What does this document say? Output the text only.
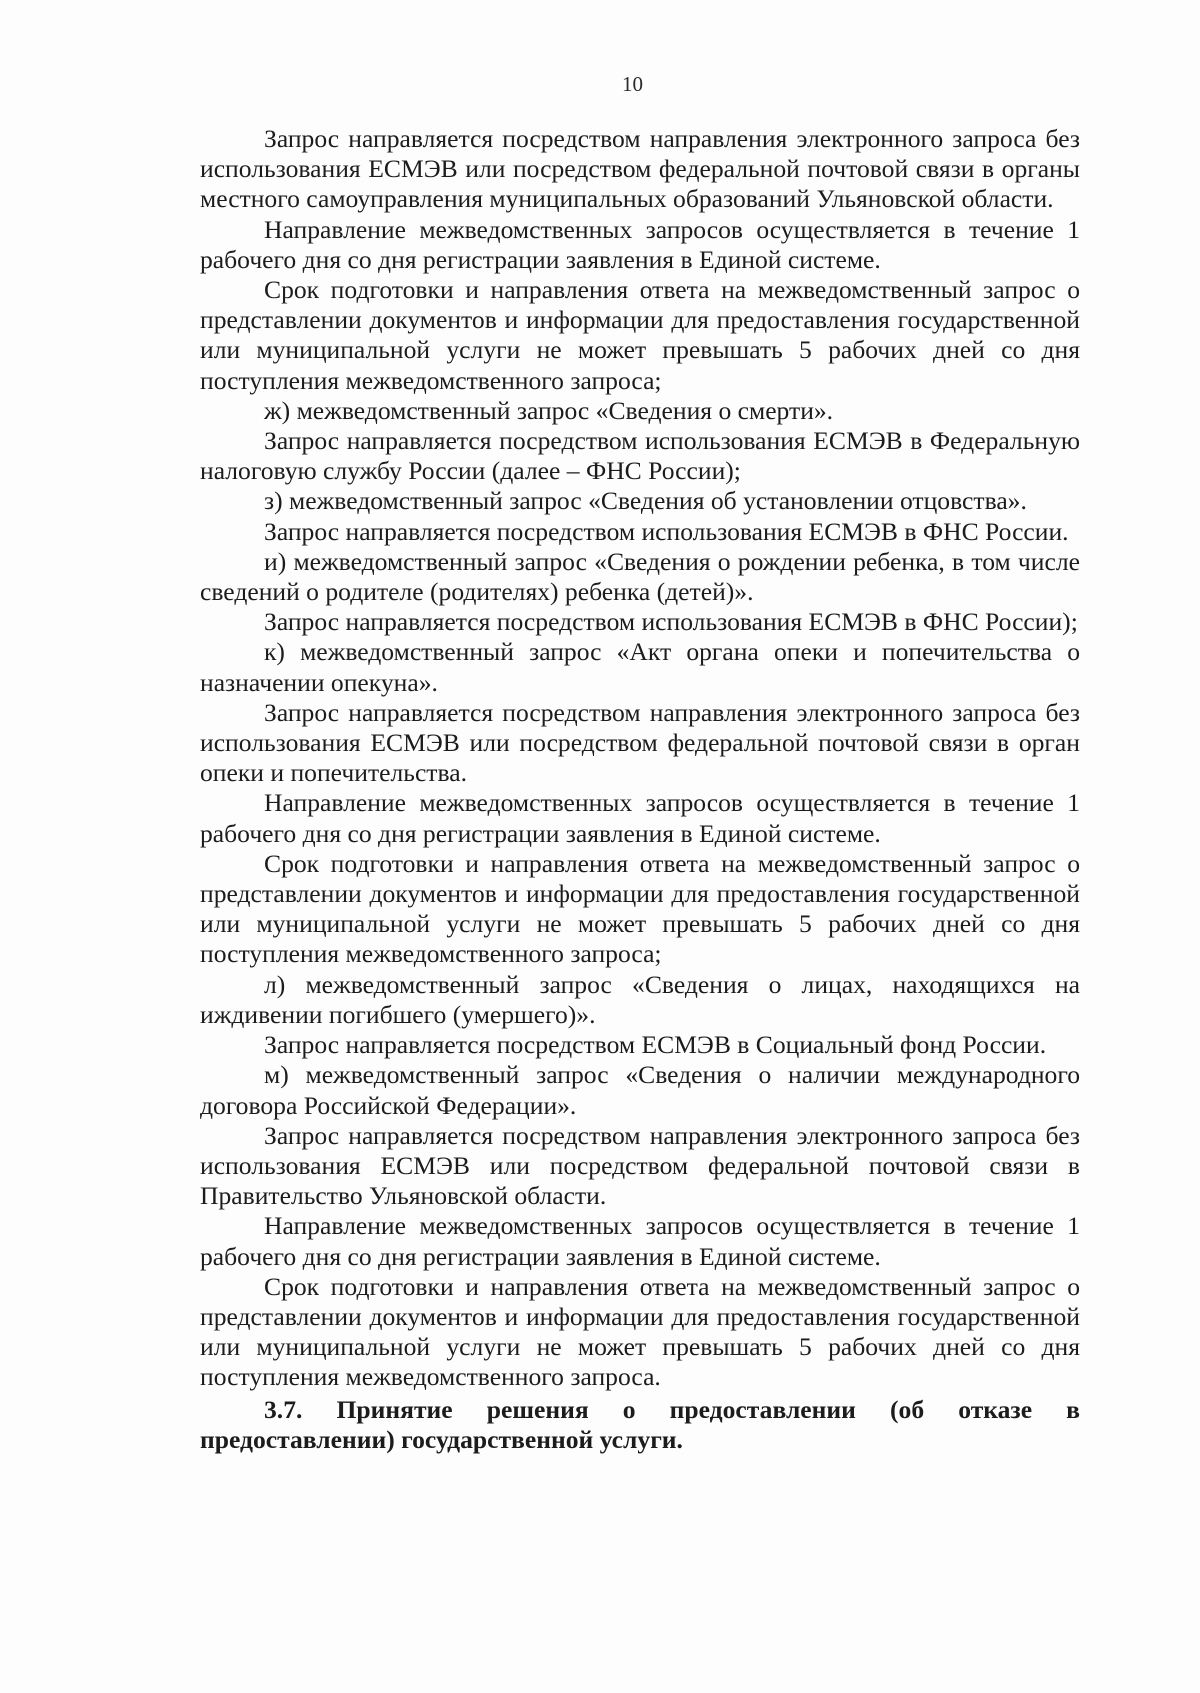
10

Запрос направляется посредством направления электронного запроса без использования ЕСМЭВ или посредством федеральной почтовой связи в органы местного самоуправления муниципальных образований Ульяновской области.

Направление межведомственных запросов осуществляется в течение 1 рабочего дня со дня регистрации заявления в Единой системе.

Срок подготовки и направления ответа на межведомственный запрос о представлении документов и информации для предоставления государственной или муниципальной услуги не может превышать 5 рабочих дней со дня поступления межведомственного запроса;

ж) межведомственный запрос «Сведения о смерти».

Запрос направляется посредством использования ЕСМЭВ в Федеральную налоговую службу России (далее – ФНС России);

з) межведомственный запрос «Сведения об установлении отцовства».

Запрос направляется посредством использования ЕСМЭВ в ФНС России.

и) межведомственный запрос «Сведения о рождении ребенка, в том числе сведений о родителе (родителях) ребенка (детей)».

Запрос направляется посредством использования ЕСМЭВ в ФНС России);

к) межведомственный запрос «Акт органа опеки и попечительства о назначении опекуна».

Запрос направляется посредством направления электронного запроса без использования ЕСМЭВ или посредством федеральной почтовой связи в орган опеки и попечительства.

Направление межведомственных запросов осуществляется в течение 1 рабочего дня со дня регистрации заявления в Единой системе.

Срок подготовки и направления ответа на межведомственный запрос о представлении документов и информации для предоставления государственной или муниципальной услуги не может превышать 5 рабочих дней со дня поступления межведомственного запроса;

л) межведомственный запрос «Сведения о лицах, находящихся на иждивении погибшего (умершего)».

Запрос направляется посредством ЕСМЭВ в Социальный фонд России.

м) межведомственный запрос «Сведения о наличии международного договора Российской Федерации».

Запрос направляется посредством направления электронного запроса без использования ЕСМЭВ или посредством федеральной почтовой связи в Правительство Ульяновской области.

Направление межведомственных запросов осуществляется в течение 1 рабочего дня со дня регистрации заявления в Единой системе.

Срок подготовки и направления ответа на межведомственный запрос о представлении документов и информации для предоставления государственной или муниципальной услуги не может превышать 5 рабочих дней со дня поступления межведомственного запроса.

3.7. Принятие решения о предоставлении (об отказе в предоставлении) государственной услуги.
